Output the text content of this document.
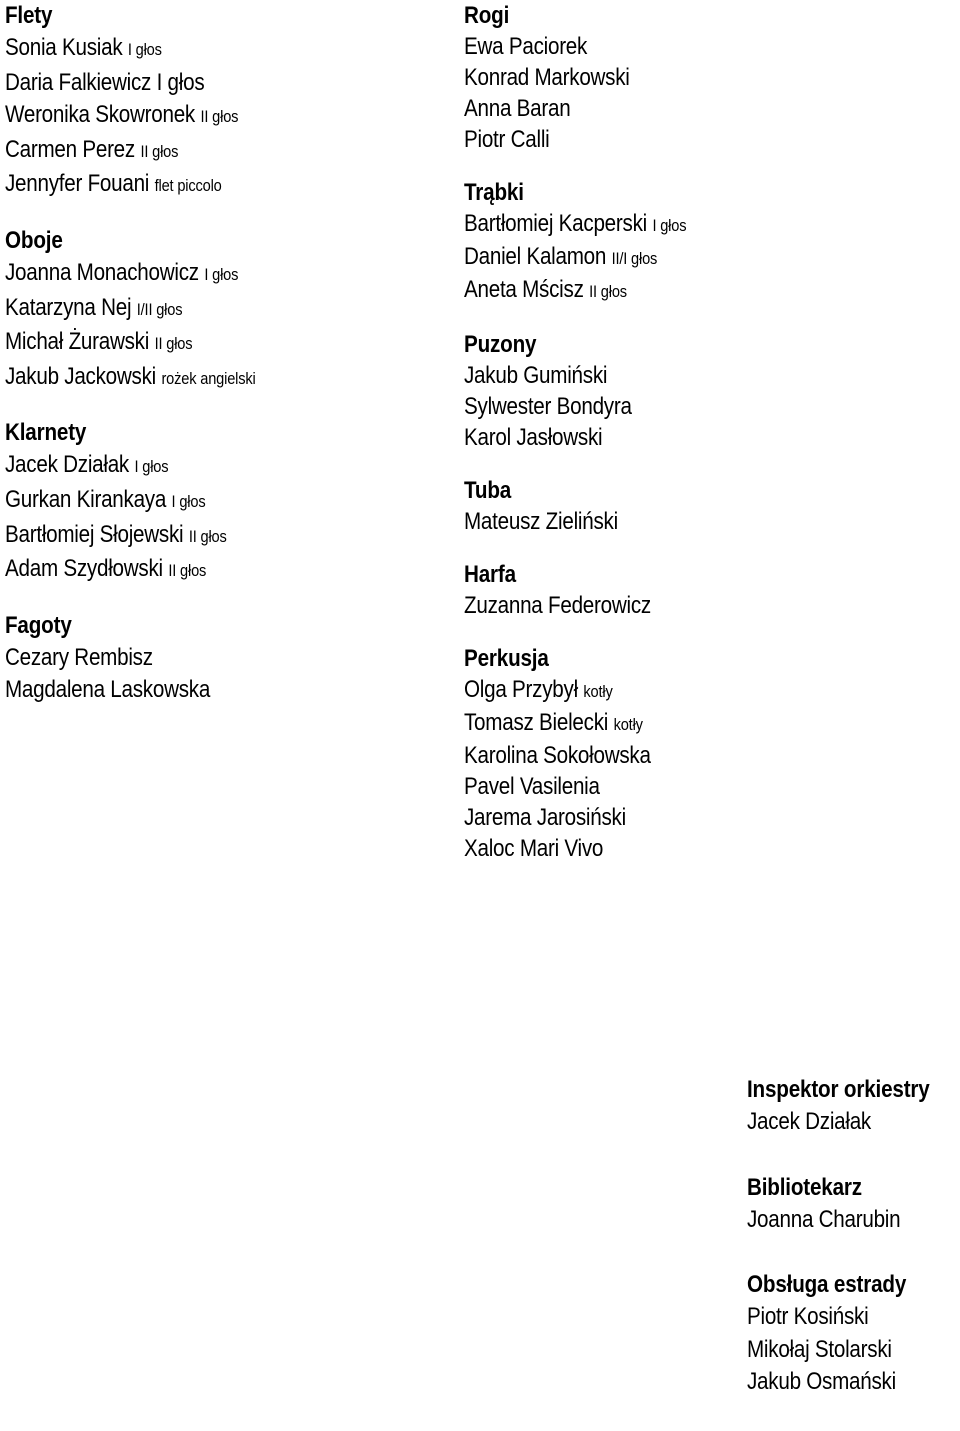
Flety
Sonia Kusiak I głos
Daria Falkiewicz I głos
Weronika Skowronek II głos
Carmen Perez II głos
Jennyfer Fouani flet piccolo
Oboje
Joanna Monachowicz I głos
Katarzyna Nej I/II głos
Michał Żurawski II głos
Jakub Jackowski rożek angielski
Klarnety
Jacek Działak I głos
Gurkan Kirankaya I głos
Bartłomiej Słojewski II głos
Adam Szydłowski II głos
Fagoty
Cezary Rembisz
Magdalena Laskowska
Rogi
Ewa Paciorek
Konrad Markowski
Anna Baran
Piotr Calli
Trąbki
Bartłomiej Kacperski I głos
Daniel Kalamon II/I głos
Aneta Mścisz II głos
Puzony
Jakub Gumiński
Sylwester Bondyra
Karol Jasłowski
Tuba
Mateusz Zieliński
Harfa
Zuzanna Federowicz
Perkusja
Olga Przybył kotły
Tomasz Bielecki kotły
Karolina Sokołowska
Pavel Vasilenia
Jarema Jarosiński
Xaloc Mari Vivo
Inspektor orkiestry
Jacek Działak
Bibliotekarz
Joanna Charubin
Obsługa estrady
Piotr Kosiński
Mikołaj Stolarski
Jakub Osmański
